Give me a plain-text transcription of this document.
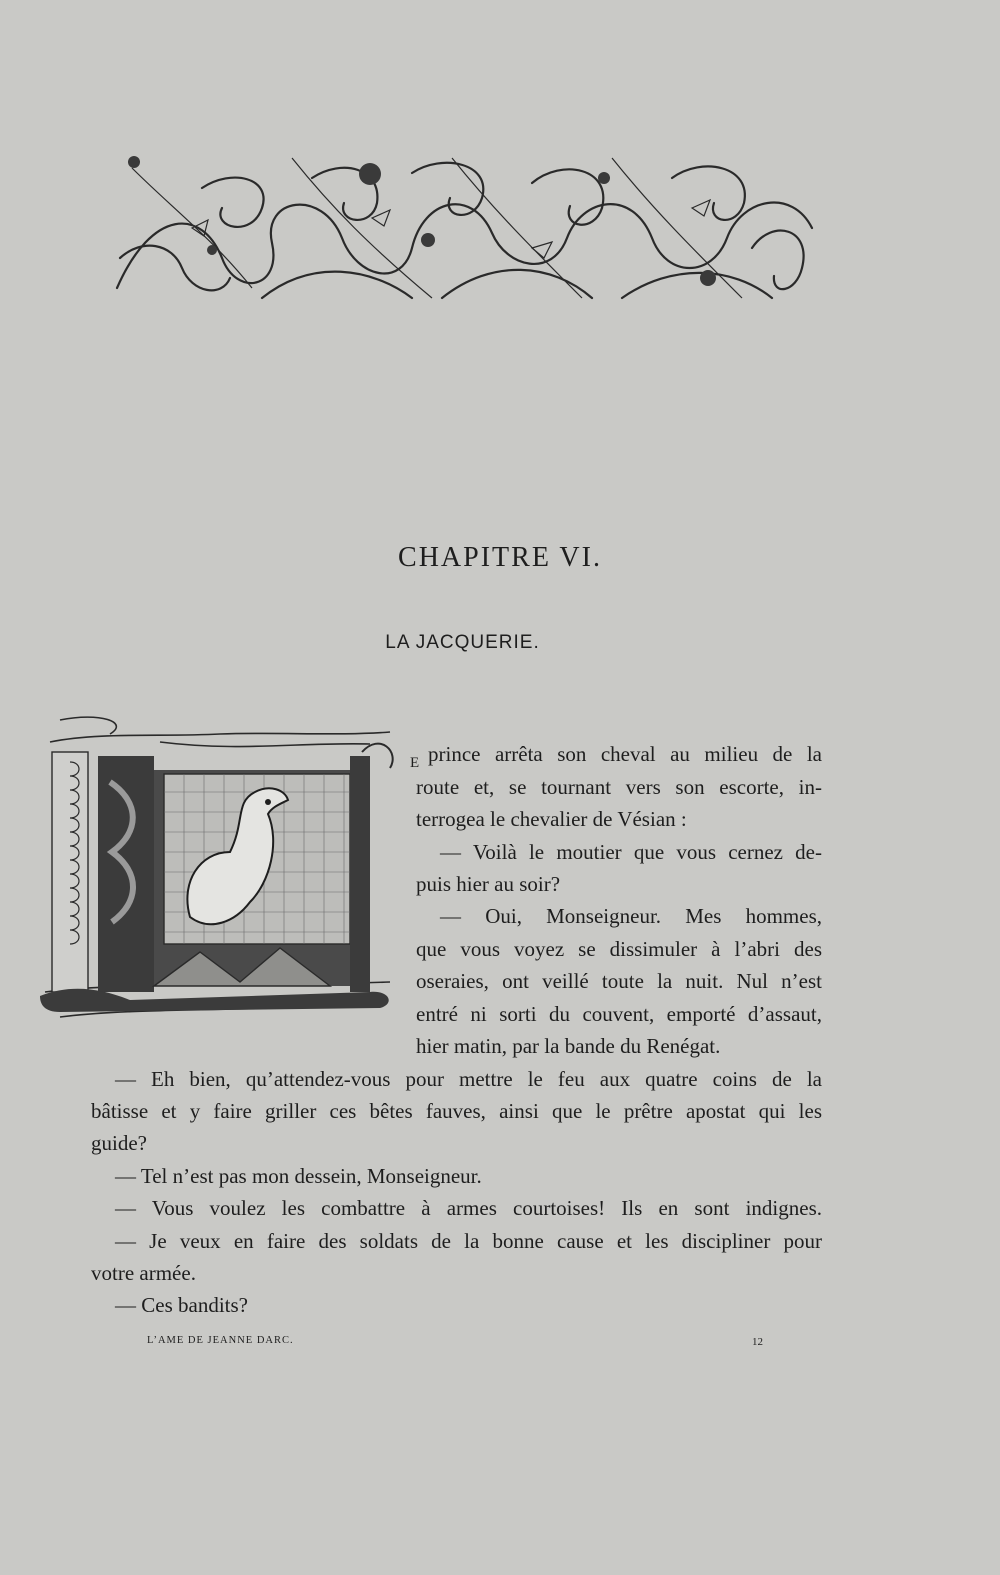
CHAPITRE VI.
LA JACQUERIE.
E prince arrêta son cheval au milieu de la
route et, se tournant vers son escorte, in-
terrogea le chevalier de Vésian :
— Voilà le moutier que vous cernez de-
puis hier au soir?
— Oui, Monseigneur. Mes hommes,
que vous voyez se dissimuler à l’abri des
oseraies, ont veillé toute la nuit. Nul n’est
entré ni sorti du couvent, emporté d’assaut,
hier matin, par la bande du Renégat.
— Eh bien, qu’attendez-vous pour mettre le feu aux quatre coins de la
bâtisse et y faire griller ces bêtes fauves, ainsi que le prêtre apostat qui les
guide?
— Tel n’est pas mon dessein, Monseigneur.
— Vous voulez les combattre à armes courtoises! Ils en sont indignes.
— Je veux en faire des soldats de la bonne cause et les discipliner pour
votre armée.
— Ces bandits?
L’AME DE JEANNE DARC.	12
